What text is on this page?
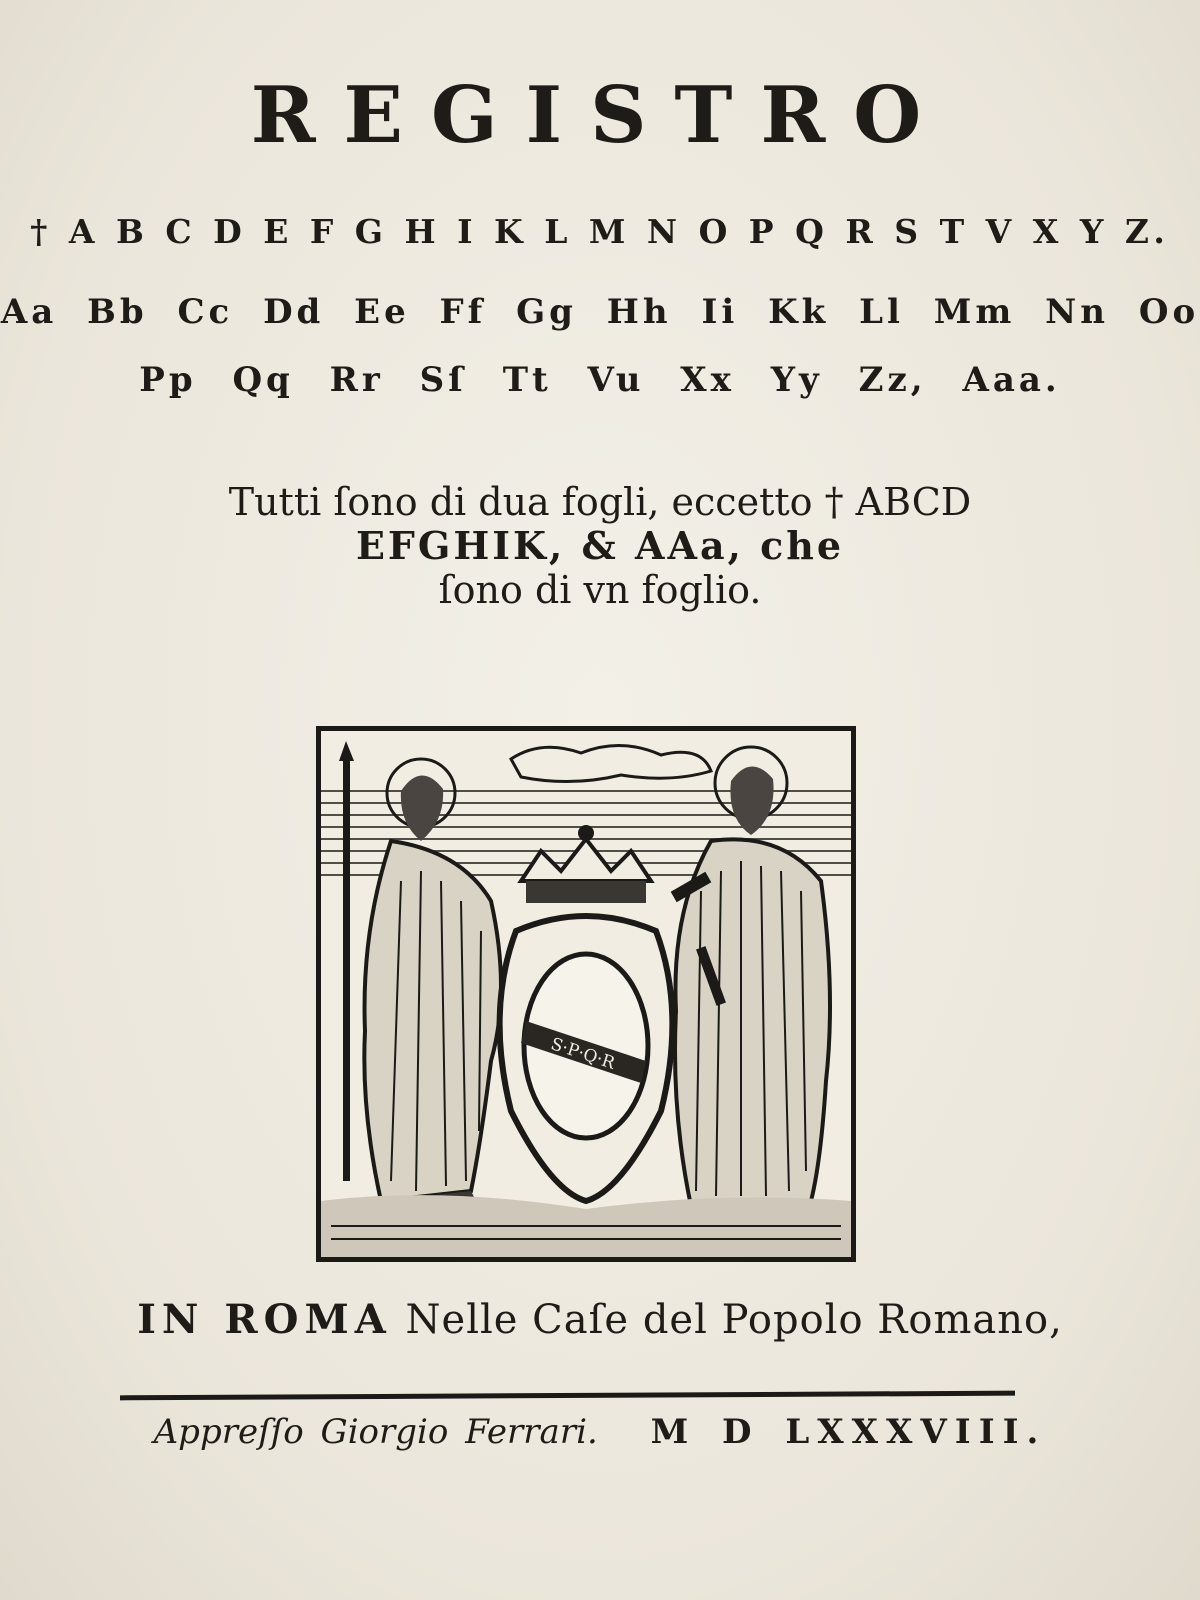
REGISTRO
† A B C D E F G H I K L M N O P Q R S T V X Y Z.
Aa Bb Cc Dd Ee Ff Gg Hh Ii Kk Ll Mm Nn Oo
Pp Qq Rr Sſ Tt Vu Xx Yy Zz, Aaa.
Tutti ſono di dua fogli, eccetto † ABCD
EFGHIK, & AAa, che
ſono di vn foglio.
S·P·Q·R
IN ROMA Nelle Caſe del Popolo Romano,
Appreſſo Giorgio Ferrari. M D LXXXVIII.
